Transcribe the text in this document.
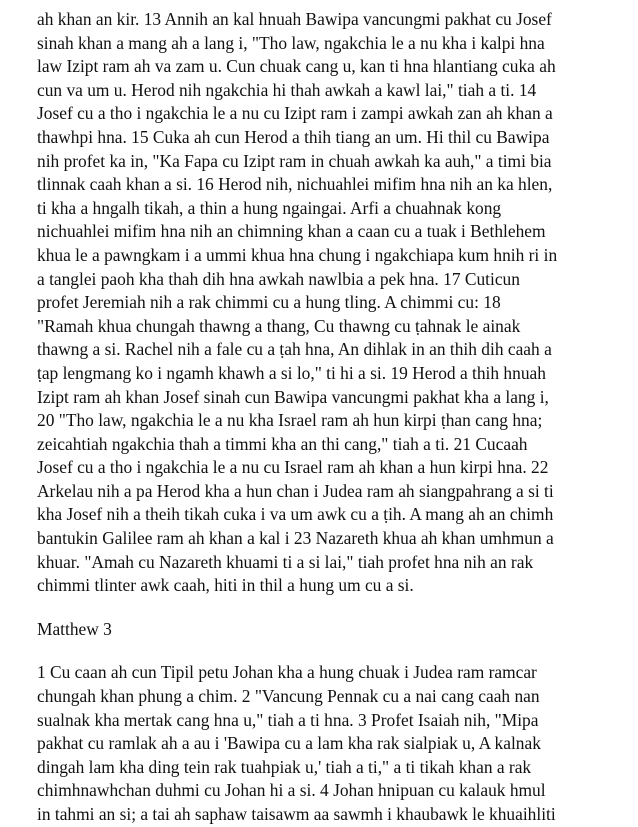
ah khan an kir. 13 Annih an kal hnuah Bawipa vancungmi pakhat cu Josef
sinah khan a mang ah a lang i, "Tho law, ngakchia le a nu kha i kalpi hna
law Izipt ram ah va zam u. Cun chuak cang u, kan ti hna hlantiang cuka ah
cun va um u. Herod nih ngakchia hi thah awkah a kawl lai," tiah a ti. 14
Josef cu a tho i ngakchia le a nu cu Izipt ram i zampi awkah zan ah khan a
thawhpi hna. 15 Cuka ah cun Herod a thih tiang an um. Hi thil cu Bawipa
nih profet ka in, "Ka Fapa cu Izipt ram in chuah awkah ka auh," a timi bia
tlinnak caah khan a si. 16 Herod nih, nichuahlei mifim hna nih an ka hlen,
ti kha a hngalh tikah, a thin a hung ngaingai. Arfi a chuahnak kong
nichuahlei mifim hna nih an chimning khan a caan cu a tuak i Bethlehem
khua le a pawngkam i a ummi khua hna chung i ngakchiapa kum hnih ri in
a tanglei paoh kha thah dih hna awkah nawlbia a pek hna. 17 Cuticun
profet Jeremiah nih a rak chimmi cu a hung tling. A chimmi cu: 18
"Ramah khua chungah thawng a thang, Cu thawng cu ṭahnak le ainak
thawng a si. Rachel nih a fale cu a ṭah hna, An dihlak in an thih dih caah a
ṭap lengmang ko i ngamh khawh a si lo," ti hi a si. 19 Herod a thih hnuah
Izipt ram ah khan Josef sinah cun Bawipa vancungmi pakhat kha a lang i,
20 "Tho law, ngakchia le a nu kha Israel ram ah hun kirpi ṭhan cang hna;
zeicahtiah ngakchia thah a timmi kha an thi cang," tiah a ti. 21 Cucaah
Josef cu a tho i ngakchia le a nu cu Israel ram ah khan a hun kirpi hna. 22
Arkelau nih a pa Herod kha a hun chan i Judea ram ah siangpahrang a si ti
kha Josef nih a theih tikah cuka i va um awk cu a ṭih. A mang ah an chimh
bantukin Galilee ram ah khan a kal i 23 Nazareth khua ah khan umhmun a
khuar. "Amah cu Nazareth khuami ti a si lai," tiah profet hna nih an rak
chimmi tlinter awk caah, hiti in thil a hung um cu a si.
Matthew 3
1 Cu caan ah cun Tipil petu Johan kha a hung chuak i Judea ram ramcar
chungah khan phung a chim. 2 "Vancung Pennak cu a nai cang caah nan
sualnak kha mertak cang hna u," tiah a ti hna. 3 Profet Isaiah nih, "Mipa
pakhat cu ramlak ah a au i 'Bawipa cu a lam kha rak sialpiak u, A kalnak
dingah lam kha ding tein rak tuahpiak u,' tiah a ti," a ti tikah khan a rak
chimhnawhchan duhmi cu Johan hi a si. 4 Johan hnipuan cu kalauk hmul
in tahmi an si; a tai ah saphaw taisawm aa sawmh i khaubawk le khuaihliti
